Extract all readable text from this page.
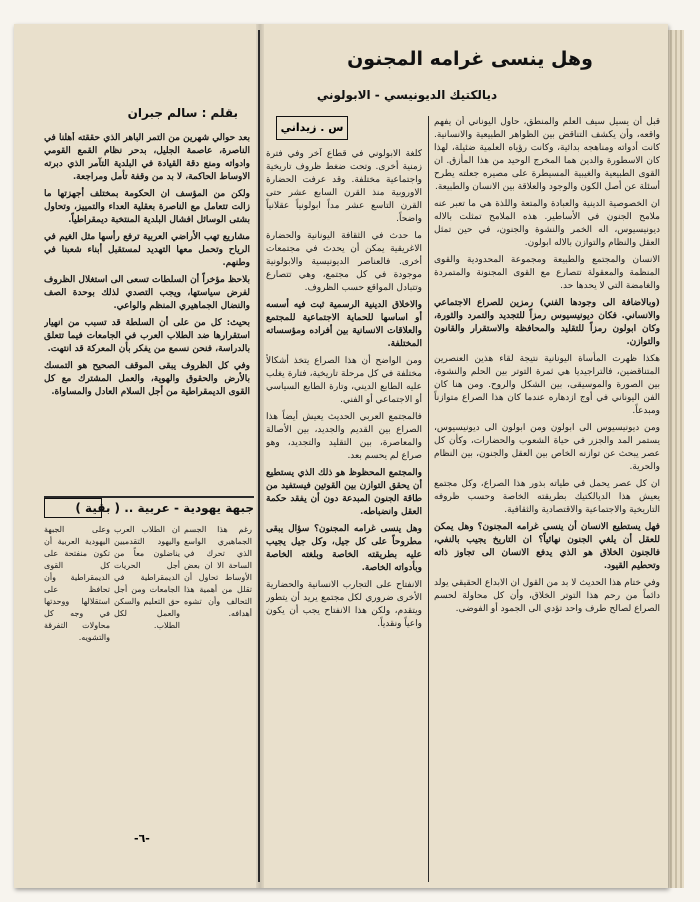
وهل ينسى غرامه المجنون
ديالكتيك الديونيسي - الابولوني
س . زيداني	قبل أن يسيل سيف العلم والمنطق، حاول اليوناني أن يفهم واقعه، وأن يكشف التناقض بين الظواهر الطبيعية والانسانية. كانت أدواته ومناهجه بدائية، وكانت رؤياه العلمية ضئيلة، لهذا كان الاسطورة والدين هما المخرج الوحيد من هذا المأزق. ان القوى الطبيعية والغيبية المسيطرة على مصيره جعلته يطرح أسئلة عن أصل الكون والوجود والعلاقة بين الانسان والطبيعة.

ان الخصوصية الدينية والعبادة والمتعة واللذة هي ما تعبر عنه ملامح الجنون في الأساطير. هذه الملامح تمثلت بالاله ديونيسيوس، اله الخمر والنشوة والجنون، في حين تمثل العقل والنظام والتوازن بالاله ابولون.

الانسان والمجتمع والطبيعة ومجموعة المحدودية والقوى المنظمة والمعقولة تتصارع مع القوى المجنونة والمتمردة والغامضة التي لا يحدها حد.

(وبالاضافة الى وجودها الفني) رمزين للصراع الاجتماعي والانساني. فكان ديونيسيوس رمزاً للتجديد والتمرد والثورة، وكان ابولون رمزاً للتقليد والمحافظة والاستقرار والقانون والتوازن.

هكذا ظهرت المأساة اليونانية نتيجة لقاء هذين العنصرين المتناقضين، فالتراجيديا هي ثمرة التوتر بين الحلم والنشوة، بين الصورة والموسيقى، بين الشكل والروح. ومن هنا كان الفن اليوناني في أوج ازدهاره عندما كان هذا الصراع متوازناً ومبدعاً.

ومن ديونيسيوس الى ابولون ومن ابولون الى ديونيسيوس، يستمر المد والجزر في حياة الشعوب والحضارات، وكأن كل عصر يبحث عن توازنه الخاص بين العقل والجنون، بين النظام والحرية.

ان كل عصر يحمل في طياته بذور هذا الصراع، وكل مجتمع يعيش هذا الديالكتيك بطريقته الخاصة وحسب ظروفه التاريخية والاجتماعية والاقتصادية والثقافية.

فهل يستطيع الانسان أن ينسى غرامه المجنون؟ وهل يمكن للعقل أن يلغي الجنون نهائياً؟ ان التاريخ يجيب بالنفي، فالجنون الخلاق هو الذي يدفع الانسان الى تجاوز ذاته وتحطيم القيود.

وفي ختام هذا الحديث لا بد من القول ان الابداع الحقيقي يولد دائماً من رحم هذا التوتر الخلاق، وأن كل محاولة لحسم الصراع لصالح طرف واحد تؤدي الى الجمود أو الفوضى.

كلغة الابولوني في قطاع آخر وفي فترة زمنية أخرى. وتحت ضغط ظروف تاريخية واجتماعية مختلفة. وقد عرفت الحضارة الاوروبية منذ القرن السابع عشر حتى القرن التاسع عشر مداً ابولونياً عقلانياً واضحاً.

ما حدث في الثقافة اليونانية والحضارة الاغريقية يمكن أن يحدث في مجتمعات أخرى. فالعناصر الديونيسية والابولونية موجودة في كل مجتمع، وهي تتصارع وتتبادل المواقع حسب الظروف.

والاخلاق الدينية الرسمية ثبت فيه أسسه أو اساسها للحماية الاجتماعية للمجتمع والعلاقات الانسانية بين أفراده ومؤسساته المختلفة.

ومن الواضح أن هذا الصراع يتخذ أشكالاً مختلفة في كل مرحلة تاريخية، فتارة يغلب عليه الطابع الديني، وتارة الطابع السياسي أو الاجتماعي أو الفني.

فالمجتمع العربي الحديث يعيش أيضاً هذا الصراع بين القديم والجديد، بين الأصالة والمعاصرة، بين التقليد والتجديد، وهو صراع لم يحسم بعد.

والمجتمع المحظوظ هو ذلك الذي يستطيع أن يحقق التوازن بين القوتين فيستفيد من طاقة الجنون المبدعة دون أن يفقد حكمة العقل وانضباطه.

وهل ينسى غرامه المجنون؟ سؤال يبقى مطروحاً على كل جيل، وكل جيل يجيب عليه بطريقته الخاصة وبلغته الخاصة وبأدواته الخاصة.

الانفتاح على التجارب الانسانية والحضارية الأخرى ضروري لكل مجتمع يريد أن يتطور ويتقدم، ولكن هذا الانفتاح يجب أن يكون واعياً ونقدياً.

بقلم : سالم جبران

بعد حوالي شهرين من التمر الباهر الذي حققته أهلنا في الناصرة، عاصمة الجليل، بدحر نظام القمع القومي وادواته ومنع دقة القيادة في البلدية التآمر الذي دبرته الاوساط الحاكمة، لا بد من وقفة تأمل ومراجعة.

ولكن من المؤسف ان الحكومة بمختلف أجهزتها ما زالت تتعامل مع الناصرة بعقلية العداء والتمييز، وتحاول بشتى الوسائل افشال البلدية المنتخبة ديمقراطياً.

مشاريع تهب الأراضي العربية ترفع رأسها مثل الغيم في الرياح وتحمل معها التهديد لمستقبل أبناء شعبنا في وطنهم.

بلاحظ مؤخراً أن السلطات تسعى الى استغلال الظروف لفرض سياستها، ويجب التصدي لذلك بوحدة الصف والنضال الجماهيري المنظم والواعي.

بحيث: كل من على أن السلطة قد تسبب من انهيار استقرارها ضد الطلاب العرب في الجامعات فيما تتعلق بالدراسة، فنحن نسمع من يفكر بأن المعركة قد انتهت.

وفي كل الظروف يبقى الموقف الصحيح هو التمسك بالأرض والحقوق والهوية، والعمل المشترك مع كل القوى الديمقراطية من أجل السلام العادل والمساواة.

جبهة يهودية - عربية .. ( بقية )

رغم هذا الجسم الجماهيري الواسع الذي تحرك في الساحة الا ان بعض الأوساط تحاول أن تقلل من أهمية هذا التحالف وأن تشوه أهدافه.

ان الطلاب العرب واليهود التقدميين يناضلون معاً من أجل الحريات الديمقراطية في الجامعات ومن أجل حق التعليم والسكن والعمل لكل الطلاب.

وعلى الجبهة اليهودية العربية أن تكون منفتحة على كل القوى الديمقراطية وأن تحافظ على استقلالها ووحدتها في وجه كل محاولات التفرقة والتشويه.

-٦-
